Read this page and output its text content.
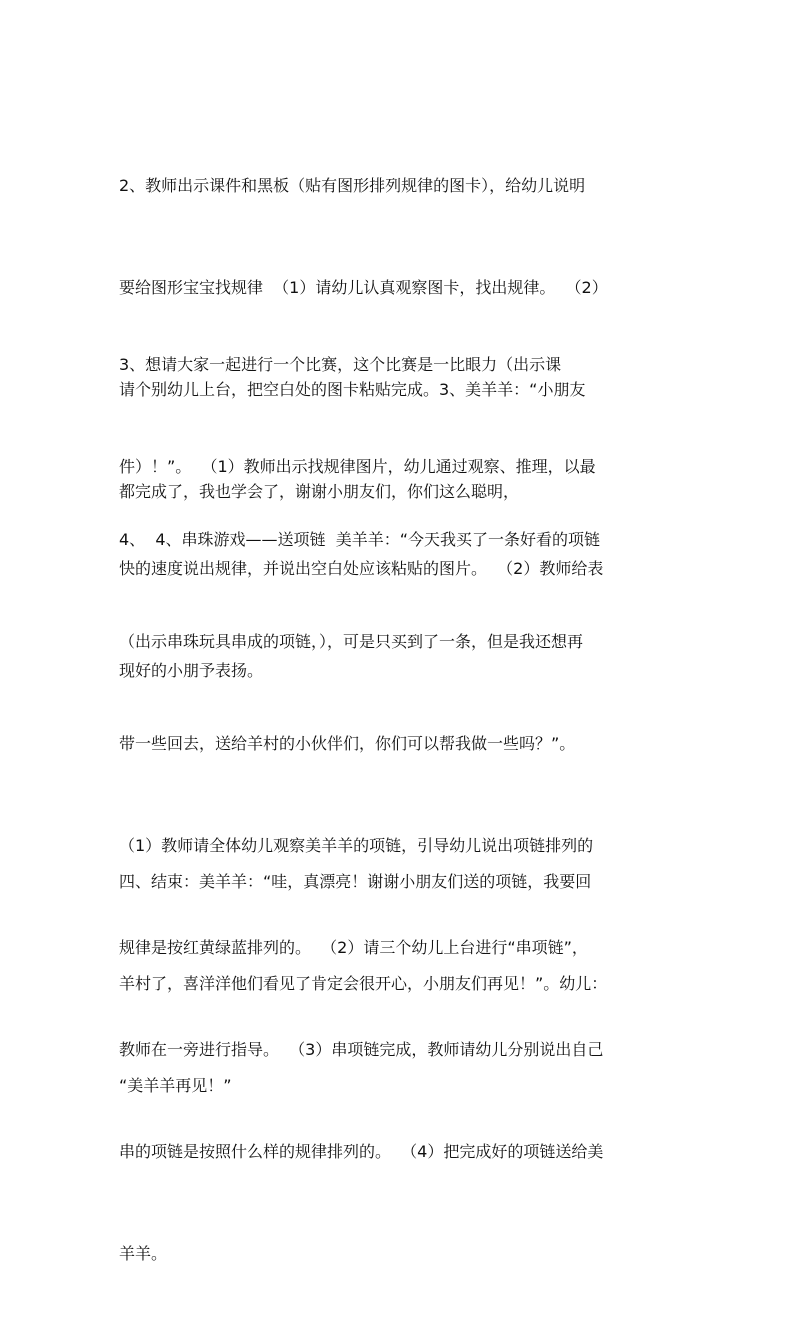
2、教师出示课件和黑板（贴有图形排列规律的图卡），给幼儿说明

要给图形宝宝找规律  （1）请幼儿认真观察图卡，找出规律。  （2）

请个别幼儿上台，把空白处的图卡粘贴完成。3、美羊羊：“小朋友

都完成了，我也学会了，谢谢小朋友们，你们这么聪明，

3、想请大家一起进行一个比赛，这个比赛是一比眼力（出示课

件）！”。  （1）教师出示找规律图片，幼儿通过观察、推理，以最

快的速度说出规律，并说出空白处应该粘贴的图片。  （2）教师给表

现好的小朋予表扬。

4、  4、串珠游戏——送项链  美羊羊：“今天我买了一条好看的项链

（出示串珠玩具串成的项链，），可是只买到了一条，但是我还想再

带一些回去，送给羊村的小伙伴们，你们可以帮我做一些吗？”。

（1）教师请全体幼儿观察美羊羊的项链，引导幼儿说出项链排列的

规律是按红黄绿蓝排列的。  （2）请三个幼儿上台进行“串项链”，

教师在一旁进行指导。  （3）串项链完成，教师请幼儿分别说出自己

串的项链是按照什么样的规律排列的。  （4）把完成好的项链送给美

羊羊。

四、结束：美羊羊：“哇，真漂亮！谢谢小朋友们送的项链，我要回

羊村了，喜洋洋他们看见了肯定会很开心，小朋友们再见！”。幼儿：

“美羊羊再见！”
